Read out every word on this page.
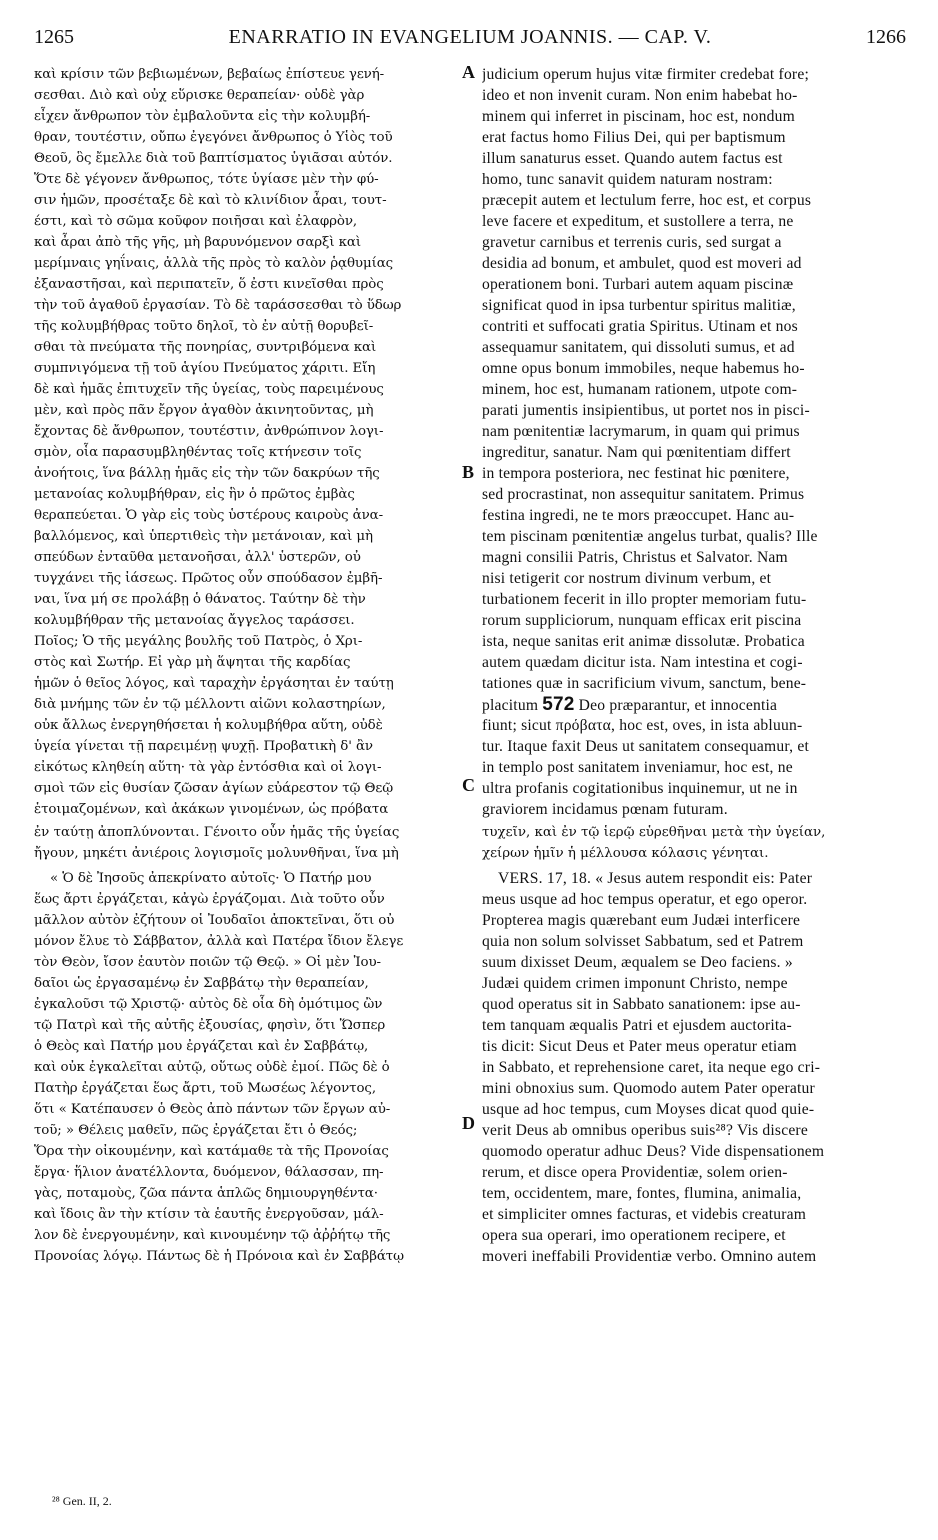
1265	ENARRATIO IN EVANGELIUM JOANNIS. — CAP. V.	1266
καὶ κρίσιν τῶν βεβιωμένων, βεβαίως ἐπίστευε γενή-
σεσθαι. Διὸ καὶ οὐχ εὕρισκε θεραπείαν· οὐδὲ γὰρ
εἶχεν ἄνθρωπον τὸν ἐμβαλοῦντα εἰς τὴν κολυμβή-
θραν, τουτέστιν, οὔπω ἐγεγόνει ἄνθρωπος ὁ Υἱὸς τοῦ
Θεοῦ, ὃς ἔμελλε διὰ τοῦ βαπτίσματος ὑγιᾶσαι αὐτόν.
Ὅτε δὲ γέγονεν ἄνθρωπος, τότε ὑγίασε μὲν τὴν φύ-
σιν ἡμῶν, προσέταξε δὲ καὶ τὸ κλινίδιον ἆραι, τουτ-
έστι, καὶ τὸ σῶμα κοῦφον ποιῆσαι καὶ ἐλαφρὸν,
καὶ ἆραι ἀπὸ τῆς γῆς, μὴ βαρυνόμενον σαρξὶ καὶ
μερίμναις γηΐναις, ἀλλὰ τῆς πρὸς τὸ καλὸν ῥᾳθυμίας
ἐξαναστῆσαι, καὶ περιπατεῖν, ὅ ἐστι κινεῖσθαι πρὸς
τὴν τοῦ ἀγαθοῦ ἐργασίαν. Τὸ δὲ ταράσσεσθαι τὸ ὕδωρ
τῆς κολυμβήθρας τοῦτο δηλοῖ, τὸ ἐν αὐτῇ θορυβεῖ-
σθαι τὰ πνεύματα τῆς πονηρίας, συντριβόμενα καὶ
συμπνιγόμενα τῇ τοῦ ἁγίου Πνεύματος χάριτι. Εἴη
δὲ καὶ ἡμᾶς ἐπιτυχεῖν τῆς ὑγείας, τοὺς παρειμένους
μὲν, καὶ πρὸς πᾶν ἔργον ἀγαθὸν ἀκινητοῦντας, μὴ
ἔχοντας δὲ ἄνθρωπον, τουτέστιν, ἀνθρώπινον λογι-
σμὸν, οἷα παρασυμβληθέντας τοῖς κτήνεσιν τοῖς
ἀνοήτοις, ἵνα βάλλῃ ἡμᾶς εἰς τὴν τῶν δακρύων τῆς
μετανοίας κολυμβήθραν, εἰς ἣν ὁ πρῶτος ἐμβὰς
θεραπεύεται. Ὁ γὰρ εἰς τοὺς ὑστέρους καιροὺς ἀνα-
βαλλόμενος, καὶ ὑπερτιθεὶς τὴν μετάνοιαν, καὶ μὴ
σπεύδων ἐνταῦθα μετανοῆσαι, ἀλλ' ὑστερῶν, οὐ
τυγχάνει τῆς ἰάσεως. Πρῶτος οὖν σπούδασον ἐμβῆ-
ναι, ἵνα μή σε προλάβῃ ὁ θάνατος. Ταύτην δὲ τὴν
κολυμβήθραν τῆς μετανοίας ἄγγελος ταράσσει.
Ποῖος; Ὁ τῆς μεγάλης βουλῆς τοῦ Πατρὸς, ὁ Χρι-
στὸς καὶ Σωτήρ. Εἰ γὰρ μὴ ἅψηται τῆς καρδίας
ἡμῶν ὁ θεῖος λόγος, καὶ ταραχὴν ἐργάσηται ἐν ταύτῃ
διὰ μνήμης τῶν ἐν τῷ μέλλοντι αἰῶνι κολαστηρίων,
οὐκ ἄλλως ἐνεργηθήσεται ἡ κολυμβήθρα αὕτη, οὐδὲ
ὑγεία γίνεται τῇ παρειμένῃ ψυχῇ. Προβατικὴ δ' ἂν
εἰκότως κληθείη αὕτη· τὰ γὰρ ἐντόσθια καὶ οἱ λογι-
σμοὶ τῶν εἰς θυσίαν ζῶσαν ἁγίων εὐάρεστον τῷ Θεῷ
ἑτοιμαζομένων, καὶ ἀκάκων γινομένων, ὡς πρόβατα
judicium operum hujus vitæ firmiter credebat fore;
ideo et non invenit curam. Non enim habebat ho-
minem qui inferret in piscinam, hoc est, nondum
erat factus homo Filius Dei, qui per baptismum
illum sanaturus esset. Quando autem factus est
homo, tunc sanavit quidem naturam nostram:
præcepit autem et lectulum ferre, hoc est, et corpus
leve facere et expeditum, et sustollere a terra, ne
gravetur carnibus et terrenis curis, sed surgat a
desidia ad bonum, et ambulet, quod est moveri ad
operationem boni. Turbari autem aquam piscinæ
significat quod in ipsa turbentur spiritus malitiæ,
contriti et suffocati gratia Spiritus. Utinam et nos
assequamur sanitatem, qui dissoluti sumus, et ad
omne opus bonum immobiles, neque habemus ho-
minem, hoc est, humanam rationem, utpote com-
parati jumentis insipientibus, ut portet nos in pisci-
nam pœnitentiæ lacrymarum, in quam qui primus
ingreditur, sanatur. Nam qui pœnitentiam differt
in tempora posteriora, nec festinat hic pœnitere,
sed procrastinat, non assequitur sanitatem. Primus
festina ingredi, ne te mors præoccupet. Hanc au-
tem piscinam pœnitentiæ angelus turbat, qualis? Ille
magni consilii Patris, Christus et Salvator. Nam
nisi tetigerit cor nostrum divinum verbum, et
turbationem fecerit in illo propter memoriam futu-
rorum suppliciorum, nunquam efficax erit piscina
ista, neque sanitas erit animæ dissolutæ. Probatica
autem quædam dicitur ista. Nam intestina et cogi-
tationes quæ in sacrificium vivum, sanctum, bene-
placitum 572 Deo præparantur, et innocentia
fiunt; sicut πρόβατα, hoc est, oves, in ista abluun-
tur. Itaque faxit Deus ut sanitatem consequamur, et
in templo post sanitatem inveniamur, hoc est, ne
ultra profanis cogitationibus inquinemur, ut ne in
graviorem incidamus pœnam futuram.
A
B
C
D
ἐν ταύτῃ ἀποπλύνονται. Γένοιτο οὖν ἡμᾶς τῆς ὑγείας	τυχεῖν, καὶ ἐν τῷ ἱερῷ εὑρεθῆναι μετὰ τὴν ὑγείαν,
ἤγουν, μηκέτι ἀνιέροις λογισμοῖς μολυνθῆναι, ἵνα μὴ	χείρων ἡμῖν ἡ μέλλουσα κόλασις γένηται.
« Ὁ δὲ Ἰησοῦς ἀπεκρίνατο αὐτοῖς· Ὁ Πατήρ μου
ἕως ἄρτι ἐργάζεται, κἀγὼ ἐργάζομαι. Διὰ τοῦτο οὖν
μᾶλλον αὐτὸν ἐζήτουν οἱ Ἰουδαῖοι ἀποκτεῖναι, ὅτι οὐ
μόνον ἔλυε τὸ Σάββατον, ἀλλὰ καὶ Πατέρα ἴδιον ἔλεγε
τὸν Θεὸν, ἴσον ἑαυτὸν ποιῶν τῷ Θεῷ. » Οἱ μὲν Ἰου-
δαῖοι ὡς ἐργασαμένῳ ἐν Σαββάτῳ τὴν θεραπείαν,
ἐγκαλοῦσι τῷ Χριστῷ· αὐτὸς δὲ οἷα δὴ ὁμότιμος ὢν
τῷ Πατρὶ καὶ τῆς αὐτῆς ἐξουσίας, φησὶν, ὅτι Ὥσπερ
ὁ Θεὸς καὶ Πατήρ μου ἐργάζεται καὶ ἐν Σαββάτῳ,
καὶ οὐκ ἐγκαλεῖται αὐτῷ, οὕτως οὐδὲ ἐμοί. Πῶς δὲ ὁ
Πατὴρ ἐργάζεται ἕως ἄρτι, τοῦ Μωσέως λέγοντος,
ὅτι « Κατέπαυσεν ὁ Θεὸς ἀπὸ πάντων τῶν ἔργων αὐ-
τοῦ; » Θέλεις μαθεῖν, πῶς ἐργάζεται ἔτι ὁ Θεός;
Ὅρα τὴν οἰκουμένην, καὶ κατάμαθε τὰ τῆς Προνοίας
ἔργα· ἥλιον ἀνατέλλοντα, δυόμενον, θάλασσαν, πη-
γὰς, ποταμοὺς, ζῶα πάντα ἁπλῶς δημιουργηθέντα·
καὶ ἴδοις ἂν τὴν κτίσιν τὰ ἑαυτῆς ἐνεργοῦσαν, μάλ-
λον δὲ ἐνεργουμένην, καὶ κινουμένην τῷ ἀῤῥήτῳ τῆς
Προνοίας λόγῳ. Πάντως δὲ ἡ Πρόνοια καὶ ἐν Σαββάτῳ
VERS. 17, 18. « Jesus autem respondit eis: Pater
meus usque ad hoc tempus operatur, et ego operor.
Propterea magis quærebant eum Judæi interficere
quia non solum solvisset Sabbatum, sed et Patrem
suum dixisset Deum, æqualem se Deo faciens. »
Judæi quidem crimen imponunt Christo, nempe
quod operatus sit in Sabbato sanationem: ipse au-
tem tanquam æqualis Patri et ejusdem auctorita-
tis dicit: Sicut Deus et Pater meus operatur etiam
in Sabbato, et reprehensione caret, ita neque ego cri-
mini obnoxius sum. Quomodo autem Pater operatur
usque ad hoc tempus, cum Moyses dicat quod quie-
verit Deus ab omnibus operibus suis²⁸? Vis discere
quomodo operatur adhuc Deus? Vide dispensationem
rerum, et disce opera Providentiæ, solem orien-
tem, occidentem, mare, fontes, flumina, animalia,
et simpliciter omnes facturas, et videbis creaturam
opera sua operari, imo operationem recipere, et
moveri ineffabili Providentiæ verbo. Omnino autem
²⁸ Gen. II, 2.
